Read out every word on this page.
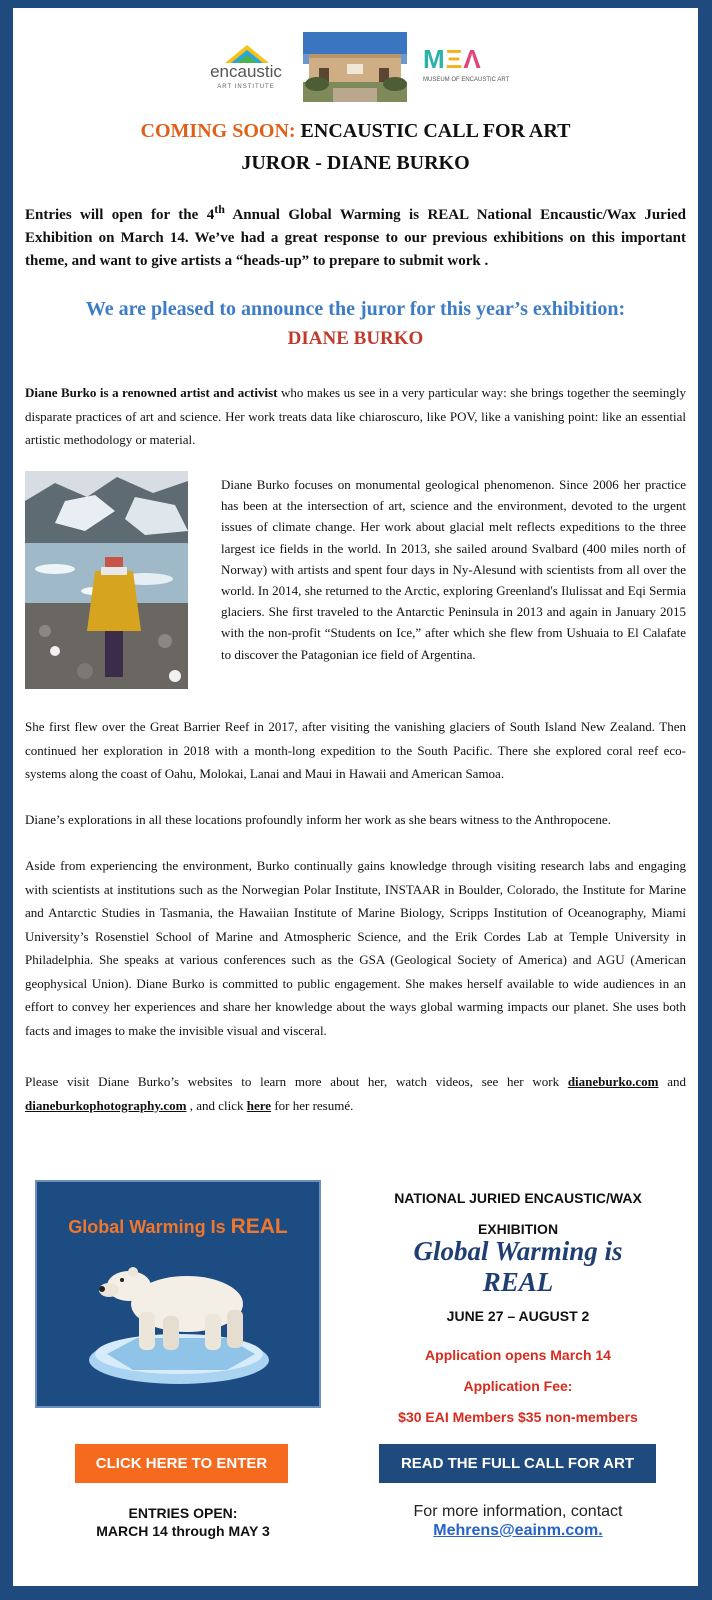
encaustic
ART INSTITUTE
MΞΛ
MUSEUM OF ENCAUSTIC ART
COMING SOON: ENCAUSTIC CALL FOR ART
JUROR - DIANE BURKO
Entries will open for the 4th Annual Global Warming is REAL National Encaustic/Wax Juried Exhibition on March 14. We’ve had a great response to our previous exhibitions on this important theme, and want to give artists a “heads-up” to prepare to submit work .
We are pleased to announce the juror for this year’s exhibition:
DIANE BURKO
Diane Burko is a renowned artist and activist who makes us see in a very particular way: she brings together the seemingly disparate practices of art and science. Her work treats data like chiaroscuro, like POV, like a vanishing point: like an essential artistic methodology or material.
Diane Burko focuses on monumental geological phenomenon. Since 2006 her practice has been at the intersection of art, science and the environment, devoted to the urgent issues of climate change. Her work about glacial melt reflects expeditions to the three largest ice fields in the world. In 2013, she sailed around Svalbard (400 miles north of Norway) with artists and spent four days in Ny-Alesund with scientists from all over the world. In 2014, she returned to the Arctic, exploring Greenland's Ilulissat and Eqi Sermia glaciers. She first traveled to the Antarctic Peninsula in 2013 and again in January 2015 with the non-profit “Students on Ice,” after which she flew from Ushuaia to El Calafate to discover the Patagonian ice field of Argentina.
She first flew over the Great Barrier Reef in 2017, after visiting the vanishing glaciers of South Island New Zealand. Then continued her exploration in 2018 with a month-long expedition to the South Pacific. There she explored coral reef eco-systems along the coast of Oahu, Molokai, Lanai and Maui in Hawaii and American Samoa.
Diane’s explorations in all these locations profoundly inform her work as she bears witness to the Anthropocene.
Aside from experiencing the environment, Burko continually gains knowledge through visiting research labs and engaging with scientists at institutions such as the Norwegian Polar Institute, INSTAAR in Boulder, Colorado, the Institute for Marine and Antarctic Studies in Tasmania, the Hawaiian Institute of Marine Biology, Scripps Institution of Oceanography, Miami University’s Rosenstiel School of Marine and Atmospheric Science, and the Erik Cordes Lab at Temple University in Philadelphia. She speaks at various conferences such as the GSA (Geological Society of America) and AGU (American geophysical Union). Diane Burko is committed to public engagement. She makes herself available to wide audiences in an effort to convey her experiences and share her knowledge about the ways global warming impacts our planet. She uses both facts and images to make the invisible visual and visceral.
Please visit Diane Burko’s websites to learn more about her, watch videos, see her work dianeburko.com and dianeburkophotography.com , and click here for her resumé.
Global Warming Is REAL
NATIONAL JURIED ENCAUSTIC/WAX
EXHIBITION
Global Warming is
REAL
JUNE 27 – AUGUST 2
Application opens March 14
Application Fee:
$30 EAI Members $35 non-members
CLICK HERE TO ENTER	READ THE FULL CALL FOR ART
ENTRIES OPEN:
MARCH 14 through MAY 3
For more information, contact
Mehrens@eainm.com.
